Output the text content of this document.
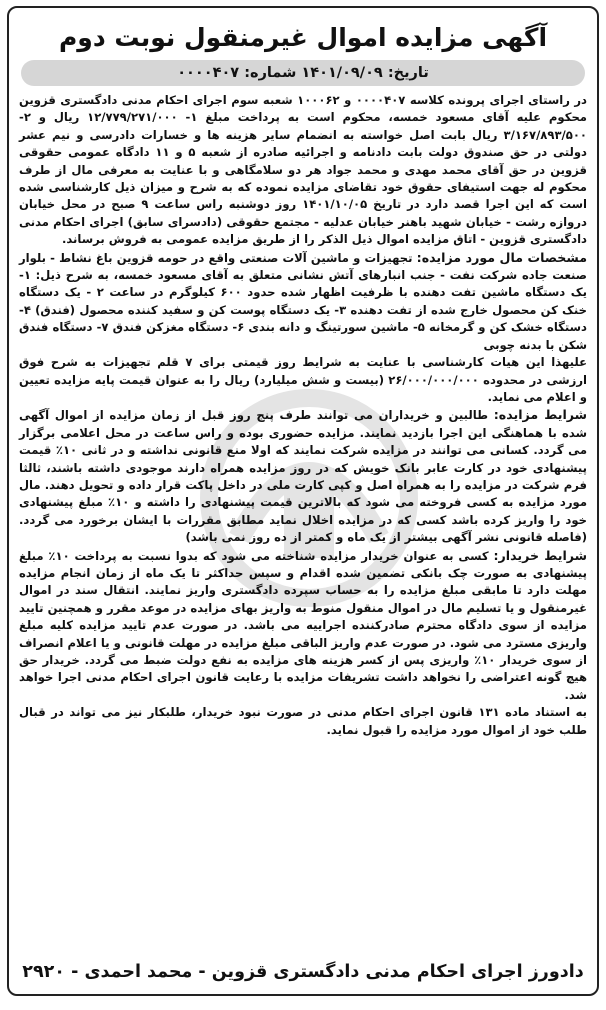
آگهی مزایده اموال غیرمنقول نوبت دوم
تاریخ: ۱۴۰۱/۰۹/۰۹ شماره: ۰۰۰۰۴۰۷

در راستای اجرای پرونده کلاسه ۰۰۰۰۴۰۷ و ۱۰۰۰۶۲ شعبه سوم اجرای احکام مدنی دادگستری قزوین محکوم علیه آقای مسعود خمسه، محکوم است به پرداخت مبلغ ۱- ۱۲/۷۷۹/۲۷۱/۰۰۰ ریال و ۲- ۳/۱۶۷/۸۹۳/۵۰۰ ریال بابت اصل خواسته به انضمام سایر هزینه ها و خسارات دادرسی و نیم عشر دولتی در حق صندوق دولت بابت دادنامه و اجرائیه صادره از شعبه ۵ و ۱۱ دادگاه عمومی حقوقی قزوین در حق آقای محمد مهدی و محمد جواد هر دو سلامگاهی و با عنایت به معرفی مال از طرف محکوم له جهت استیفای حقوق خود تقاضای مزایده نموده که به شرح و میزان ذیل کارشناسی شده است که این اجرا قصد دارد در تاریخ ۱۴۰۱/۱۰/۰۵ روز دوشنبه راس ساعت ۹ صبح در محل خیابان دروازه رشت - خیابان شهید باهنر خیابان عدلیه - مجتمع حقوقی (دادسرای سابق) اجرای احکام مدنی دادگستری قزوین - اتاق مزایده اموال ذیل الذکر را از طریق مزایده عمومی به فروش برساند.

مشخصات مال مورد مزایده: تجهیزات و ماشین آلات صنعتی واقع در حومه قزوین باغ نشاط - بلوار صنعت جاده شرکت نفت - جنب انبارهای آتش نشانی متعلق به آقای مسعود خمسه، به شرح ذیل: ۱- یک دستگاه ماشین تفت دهنده با ظرفیت اظهار شده حدود ۶۰۰ کیلوگرم در ساعت ۲ - یک دستگاه خنک کن محصول خارج شده از تفت دهنده ۳- یک دستگاه پوست کن و سفید کننده محصول (فندق) ۴- دستگاه خشک کن و گرمخانه ۵- ماشین سورتینگ و دانه بندی ۶- دستگاه مغزکن فندق ۷- دستگاه فندق شکن با بدنه چوبی

علیهذا این هیات کارشناسی با عنایت به شرایط روز قیمتی برای ۷ قلم تجهیزات به شرح فوق ارزشی در محدوده ۲۶/۰۰۰/۰۰۰/۰۰۰ (بیست و شش میلیارد) ریال را به عنوان قیمت پایه مزایده تعیین و اعلام می نماید.

شرایط مزایده: طالبین و خریداران می توانند طرف پنج روز قبل از زمان مزایده از اموال آگهی شده با هماهنگی این اجرا بازدید نمایند. مزایده حضوری بوده و راس ساعت در محل اعلامی برگزار می گردد. کسانی می توانند در مزایده شرکت نمایند که اولا منع قانونی نداشته و در ثانی ۱۰٪ قیمت پیشنهادی خود در کارت عابر بانک خویش که در روز مزایده همراه دارند موجودی داشته باشند، ثالثا فرم شرکت در مزایده را به همراه اصل و کپی کارت ملی در داخل پاکت قرار داده و تحویل دهند. مال مورد مزایده به کسی فروخته می شود که بالاترین قیمت پیشنهادی را داشته و ۱۰٪ مبلغ پیشنهادی خود را واریز کرده باشد کسی که در مزایده اخلال نماید مطابق مقررات با ایشان برخورد می گردد. (فاصله قانونی نشر آگهی بیشتر از یک ماه و کمتر از ده روز نمی باشد)

شرایط خریدار: کسی به عنوان خریدار مزایده شناخته می شود که بدوا نسبت به پرداخت ۱۰٪ مبلغ پیشنهادی به صورت چک بانکی تضمین شده اقدام و سپس حداکثر تا یک ماه از زمان انجام مزایده مهلت دارد تا مابقی مبلغ مزایده را به حساب سپرده دادگستری واریز نمایند. انتقال سند در اموال غیرمنقول و یا تسلیم مال در اموال منقول منوط به واریز بهای مزایده در موعد مقرر و همچنین تایید مزایده از سوی دادگاه محترم صادرکننده اجراییه می باشد. در صورت عدم تایید مزایده کلیه مبلغ واریزی مسترد می شود. در صورت عدم واریز الباقی مبلغ مزایده در مهلت قانونی و یا اعلام انصراف از سوی خریدار ۱۰٪ واریزی پس از کسر هزینه های مزایده به نفع دولت ضبط می گردد. خریدار حق هیچ گونه اعتراضی را نخواهد داشت تشریفات مزایده با رعایت قانون اجرای احکام مدنی اجرا خواهد شد.

به استناد ماده ۱۳۱ قانون اجرای احکام مدنی در صورت نبود خریدار، طلبکار نیز می تواند در قبال طلب خود از اموال مورد مزایده را قبول نماید.

دادورز اجرای احکام مدنی دادگستری قزوین - محمد احمدی - ۲۹۲۰
